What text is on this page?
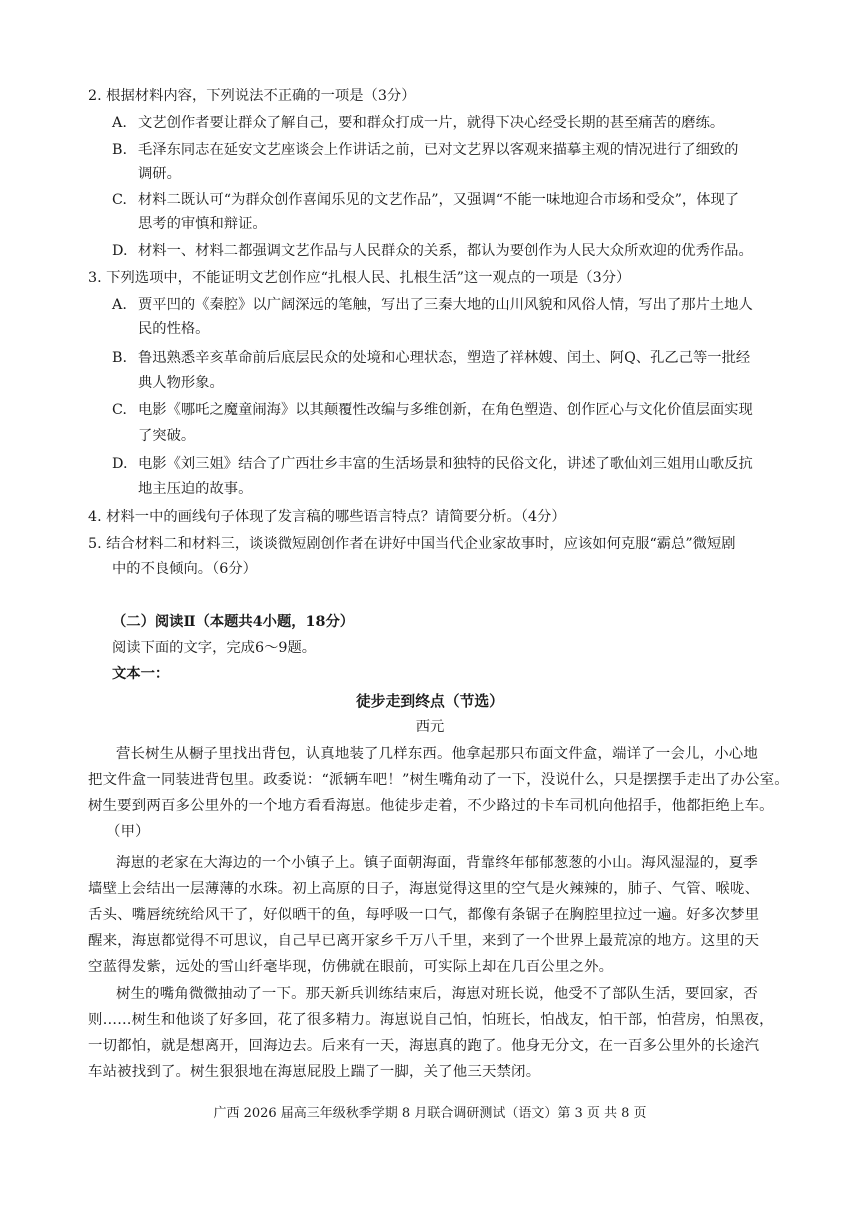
2. 根据材料内容，下列说法不正确的一项是（3分）
A. 文艺创作者要让群众了解自己，要和群众打成一片，就得下决心经受长期的甚至痛苦的磨练。
B. 毛泽东同志在延安文艺座谈会上作讲话之前，已对文艺界以客观来描摹主观的情况进行了细致的
调研。
C. 材料二既认可“为群众创作喜闻乐见的文艺作品”，又强调“不能一味地迎合市场和受众”，体现了
思考的审慎和辩证。
D. 材料一、材料二都强调文艺作品与人民群众的关系，都认为要创作为人民大众所欢迎的优秀作品。
3. 下列选项中，不能证明文艺创作应“扎根人民、扎根生活”这一观点的一项是（3分）
A. 贾平凹的《秦腔》以广阔深远的笔触，写出了三秦大地的山川风貌和风俗人情，写出了那片土地人
民的性格。
B. 鲁迅熟悉辛亥革命前后底层民众的处境和心理状态，塑造了祥林嫂、闰土、阿Q、孔乙己等一批经
典人物形象。
C. 电影《哪吒之魔童闹海》以其颠覆性改编与多维创新，在角色塑造、创作匠心与文化价值层面实现
了突破。
D. 电影《刘三姐》结合了广西壮乡丰富的生活场景和独特的民俗文化，讲述了歌仙刘三姐用山歌反抗
地主压迫的故事。
4. 材料一中的画线句子体现了发言稿的哪些语言特点？请简要分析。（4分）
5. 结合材料二和材料三，谈谈微短剧创作者在讲好中国当代企业家故事时，应该如何克服“霸总”微短剧
中的不良倾向。（6分）
（二）阅读Ⅱ（本题共4小题，18分）
阅读下面的文字，完成6～9题。
文本一：
徒步走到终点（节选）
西元
营长树生从橱子里找出背包，认真地装了几样东西。他拿起那只布面文件盒，端详了一会儿，小心地
把文件盒一同装进背包里。政委说：“派辆车吧！”树生嘴角动了一下，没说什么，只是摆摆手走出了办公室。
树生要到两百多公里外的一个地方看看海崽。他徒步走着，不少路过的卡车司机向他招手，他都拒绝上车。
（甲）
海崽的老家在大海边的一个小镇子上。镇子面朝海面，背靠终年郁郁葱葱的小山。海风湿湿的，夏季
墙壁上会结出一层薄薄的水珠。初上高原的日子，海崽觉得这里的空气是火辣辣的，肺子、气管、喉咙、
舌头、嘴唇统统给风干了，好似晒干的鱼，每呼吸一口气，都像有条锯子在胸腔里拉过一遍。好多次梦里
醒来，海崽都觉得不可思议，自己早已离开家乡千万八千里，来到了一个世界上最荒凉的地方。这里的天
空蓝得发紫，远处的雪山纤毫毕现，仿佛就在眼前，可实际上却在几百公里之外。
树生的嘴角微微抽动了一下。那天新兵训练结束后，海崽对班长说，他受不了部队生活，要回家，否
则……树生和他谈了好多回，花了很多精力。海崽说自己怕，怕班长，怕战友，怕干部，怕营房，怕黑夜，
一切都怕，就是想离开，回海边去。后来有一天，海崽真的跑了。他身无分文，在一百多公里外的长途汽
车站被找到了。树生狠狠地在海崽屁股上踹了一脚，关了他三天禁闭。
广西 2026 届高三年级秋季学期 8 月联合调研测试（语文）第 3 页 共 8 页
